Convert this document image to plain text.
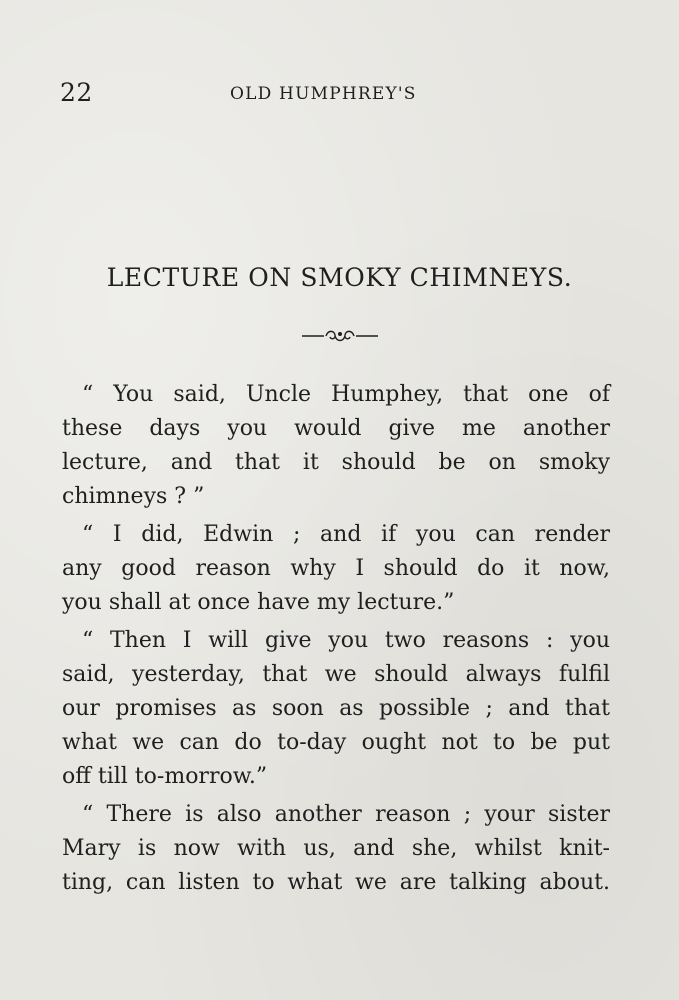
22	OLD HUMPHREY'S
LECTURE ON SMOKY CHIMNEYS.
“ You said, Uncle Humphey, that one of
these days you would give me another
lecture, and that it should be on smoky
chimneys ? ”
“ I did, Edwin ; and if you can render
any good reason why I should do it now,
you shall at once have my lecture.”
“ Then I will give you two reasons : you
said, yesterday, that we should always fulfil
our promises as soon as possible ; and that
what we can do to-day ought not to be put
off till to-morrow.”
“ There is also another reason ; your sister
Mary is now with us, and she, whilst knit-
ting, can listen to what we are talking about.
